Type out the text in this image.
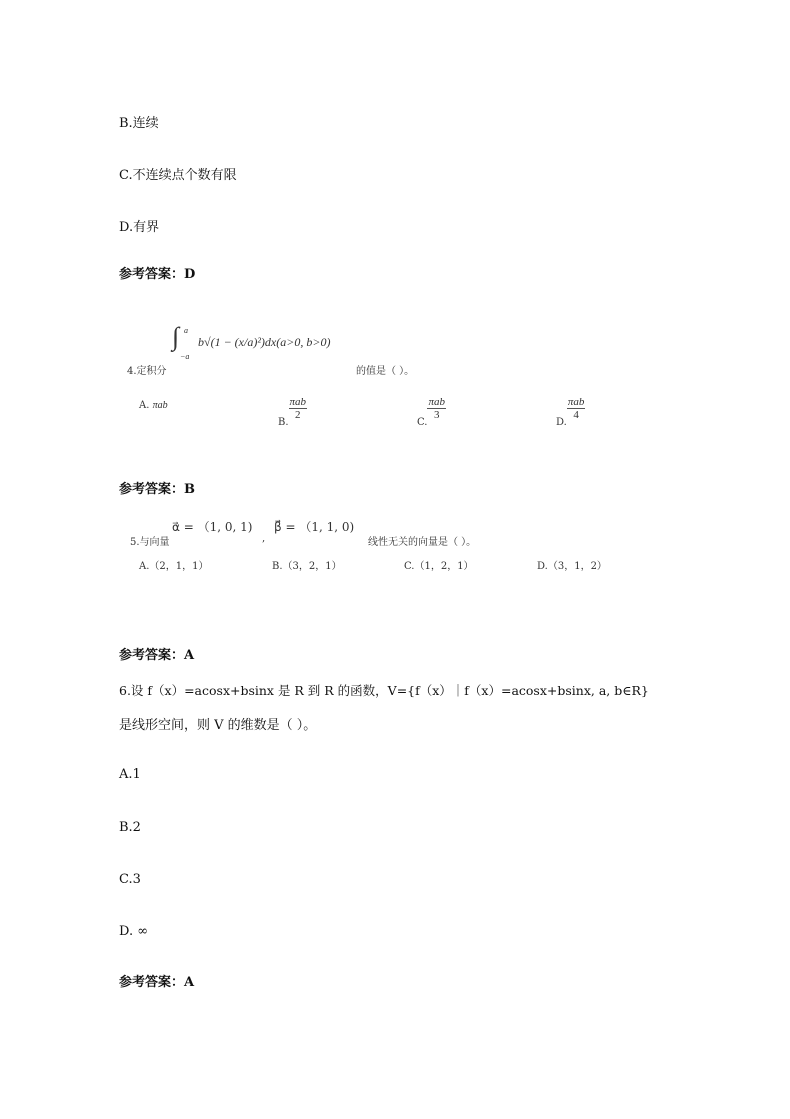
B.连续
C.不连续点个数有限
D.有界
参考答案：D
4.定积分
∫ a
−a
b√(1 − (x/a)²)dx(a>0, b>0)
的值是（ ）。
A. πab
B.
$\frac{\text{πab}}{2}$
C.
$\frac{\text{πab}}{3}$
D.
$\frac{\text{πab}}{4}$
参考答案：B
5.与向量
α⃗ = （1, 0, 1)
,
β⃗ = （1, 1, 0)
线性无关的向量是（ ）。
A.（2，1，1）	B.（3，2，1）	C.（1，2，1）	D.（3，1，2）
参考答案：A
6.设 f（x）=acosx+bsinx 是 R 到 R 的函数，V={f（x）｜f（x）=acosx+bsinx, a, b∈R}
是线形空间，则 V 的维数是（ ）。
A.1
B.2
C.3
D. ∞
参考答案：A
